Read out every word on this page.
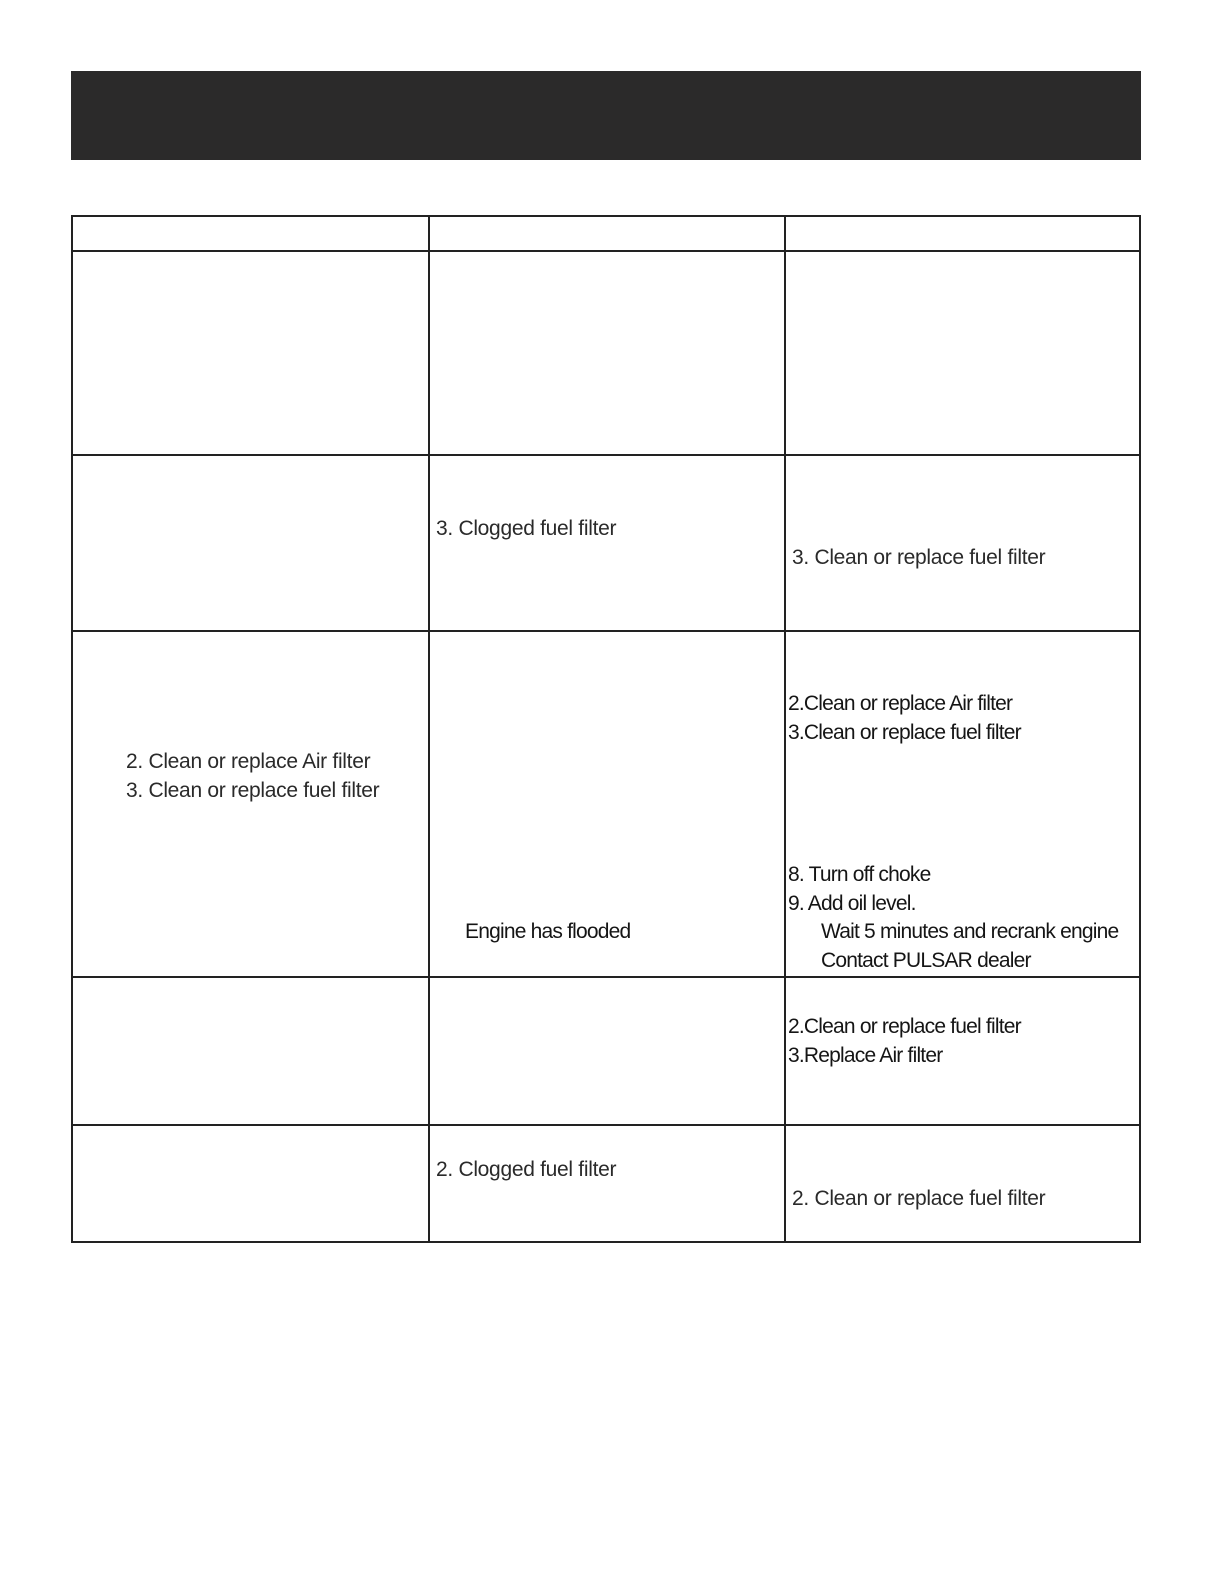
3. Clogged fuel filter
3. Clean or replace fuel filter
2. Clean or replace Air filter
3. Clean or replace fuel filter
Engine has flooded
2.Clean or replace Air filter
3.Clean or replace fuel filter
8. Turn off choke
9. Add oil level.
Wait 5 minutes and recrank engine
Contact PULSAR dealer
2.Clean or replace fuel filter
3.Replace Air filter
2. Clogged fuel filter
2. Clean or replace fuel filter
